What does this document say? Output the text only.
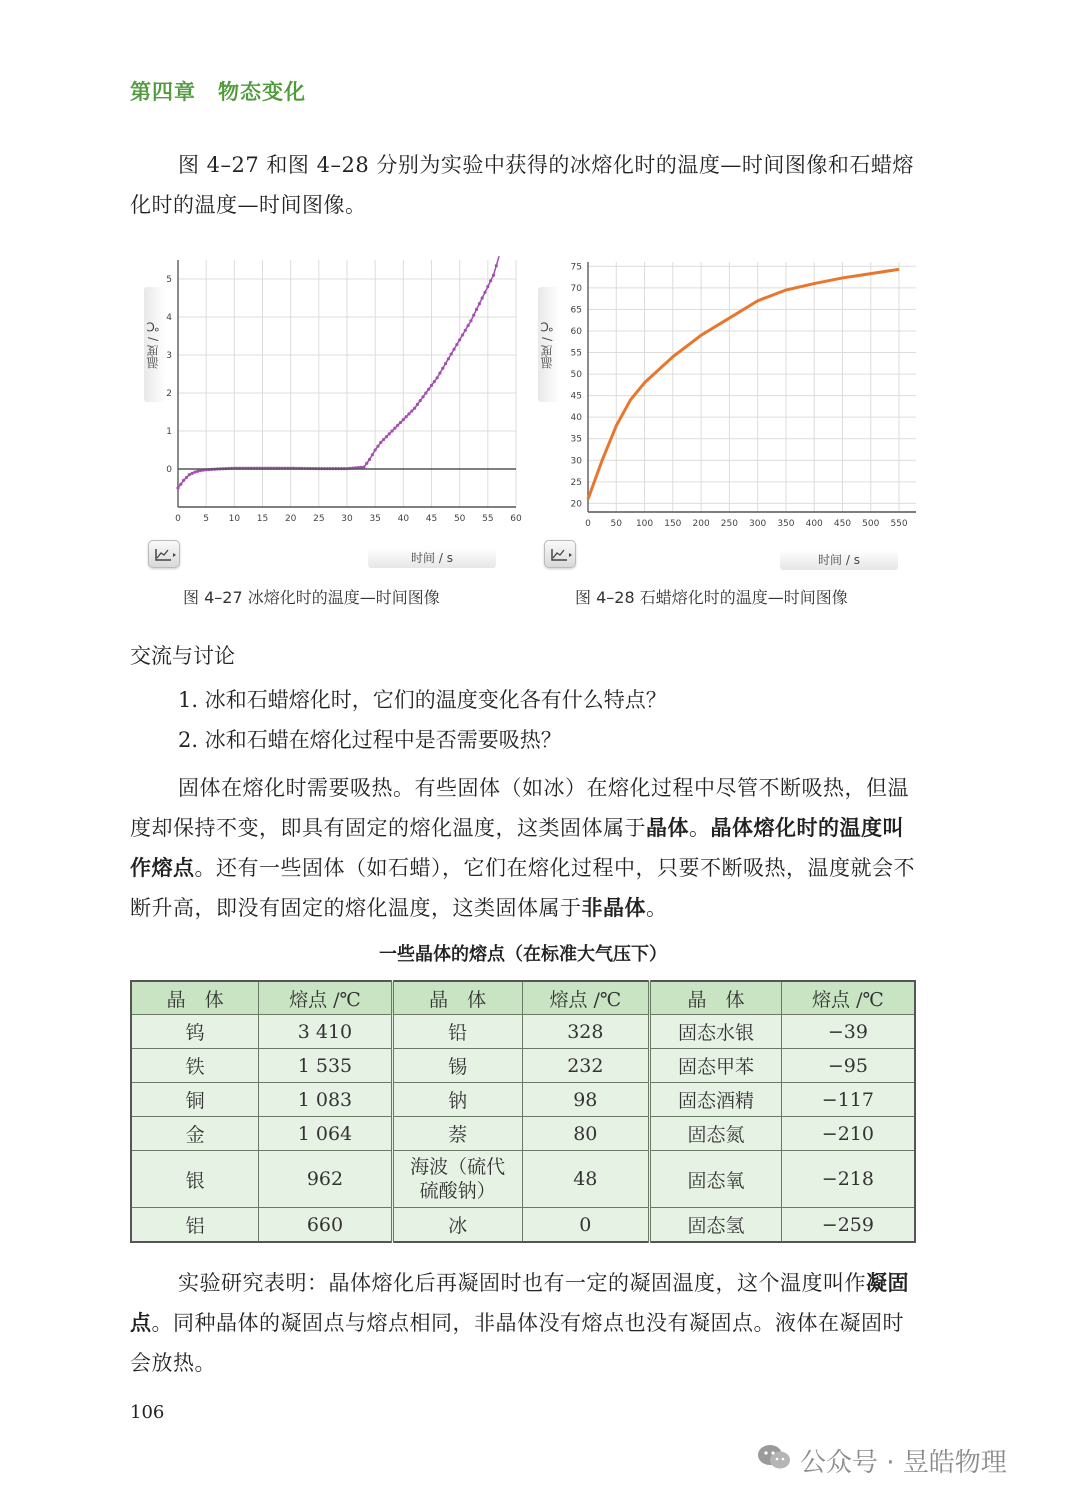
第四章　物态变化
图 4–27 和图 4–28 分别为实验中获得的冰熔化时的温度—时间图像和石蜡熔化时的温度—时间图像。
0 5 10 15 20 25 30 35 40 45 50 55 60
0
1
2
3
4
5
温度 / ℃
时间 / s
0 50 100 150 200 250 300 350 400 450 500 550
20
25
30
35
40
45
50
55
60
65
70
75
温度 / ℃
时间 / s
图 4–27 冰熔化时的温度—时间图像	图 4–28 石蜡熔化时的温度—时间图像
交流与讨论
1. 冰和石蜡熔化时，它们的温度变化各有什么特点？
2. 冰和石蜡在熔化过程中是否需要吸热？
固体在熔化时需要吸热。有些固体（如冰）在熔化过程中尽管不断吸热，但温度却保持不变，即具有固定的熔化温度，这类固体属于晶体。晶体熔化时的温度叫作熔点。还有一些固体（如石蜡），它们在熔化过程中，只要不断吸热，温度就会不断升高，即没有固定的熔化温度，这类固体属于非晶体。
一些晶体的熔点（在标准大气压下）
晶　体	熔点 /℃	晶　体	熔点 /℃	晶　体	熔点 /℃
钨	3 410	铅	328	固态水银	−39
铁	1 535	锡	232	固态甲苯	−95
铜	1 083	钠	98	固态酒精	−117
金	1 064	萘	80	固态氮	−210
银	962	海波（硫代硫酸钠）	48	固态氧	−218
铝	660	冰	0	固态氢	−259
实验研究表明：晶体熔化后再凝固时也有一定的凝固温度，这个温度叫作凝固点。同种晶体的凝固点与熔点相同，非晶体没有熔点也没有凝固点。液体在凝固时会放热。
106
公众号 · 昱皓物理
